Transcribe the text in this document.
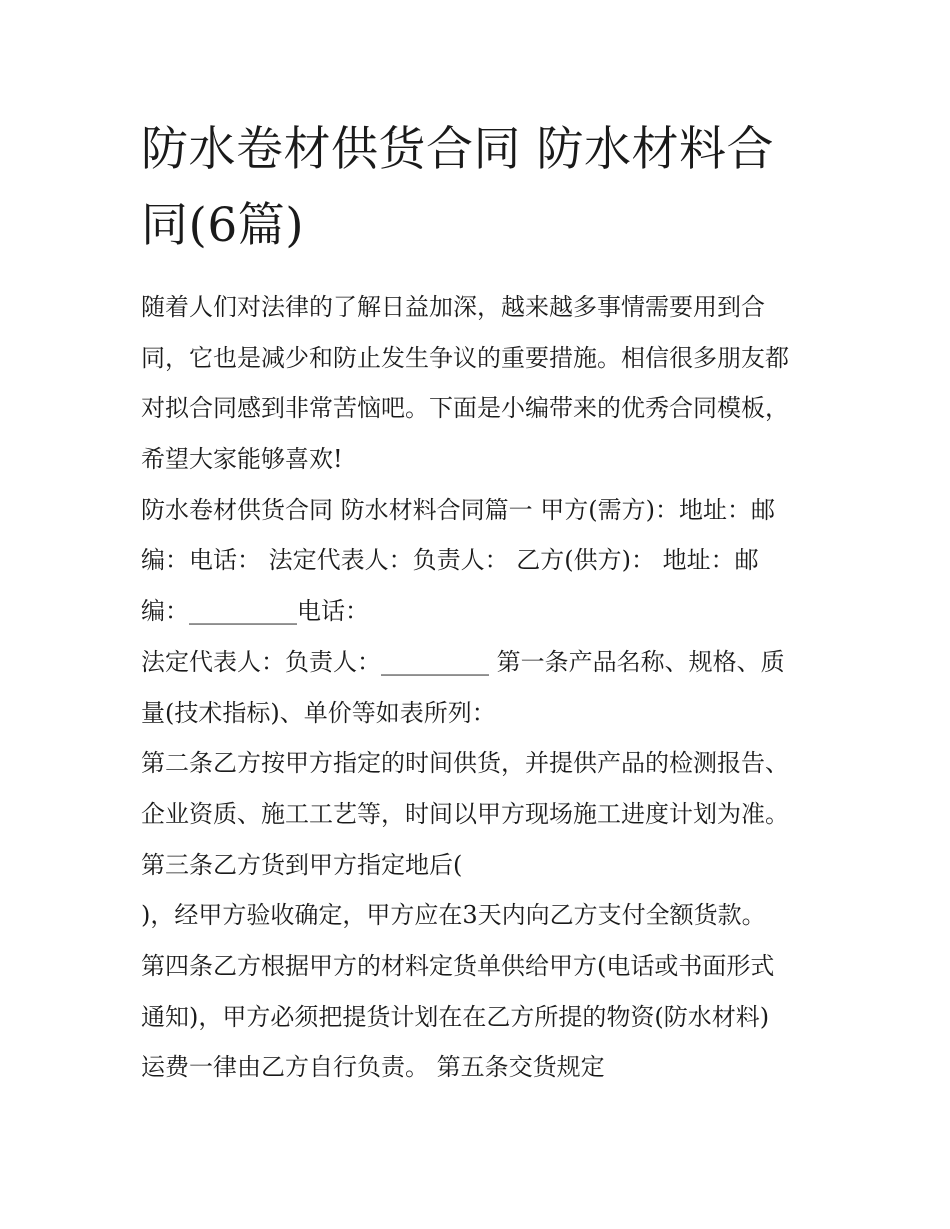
防水卷材供货合同 防水材料合
同(6篇)
随着人们对法律的了解日益加深，越来越多事情需要用到合
同，它也是减少和防止发生争议的重要措施。相信很多朋友都
对拟合同感到非常苦恼吧。下面是小编带来的优秀合同模板，
希望大家能够喜欢!
防水卷材供货合同 防水材料合同篇一 甲方(需方)：地址：邮
编：电话： 法定代表人：负责人： 乙方(供方)： 地址：邮
编：_________电话：
法定代表人：负责人：_________ 第一条产品名称、规格、质
量(技术指标)、单价等如表所列：
第二条乙方按甲方指定的时间供货，并提供产品的检测报告、
企业资质、施工工艺等，时间以甲方现场施工进度计划为准。
第三条乙方货到甲方指定地后(
)，经甲方验收确定，甲方应在3天内向乙方支付全额货款。
第四条乙方根据甲方的材料定货单供给甲方(电话或书面形式
通知)，甲方必须把提货计划在在乙方所提的物资(防水材料)
运费一律由乙方自行负责。 第五条交货规定
